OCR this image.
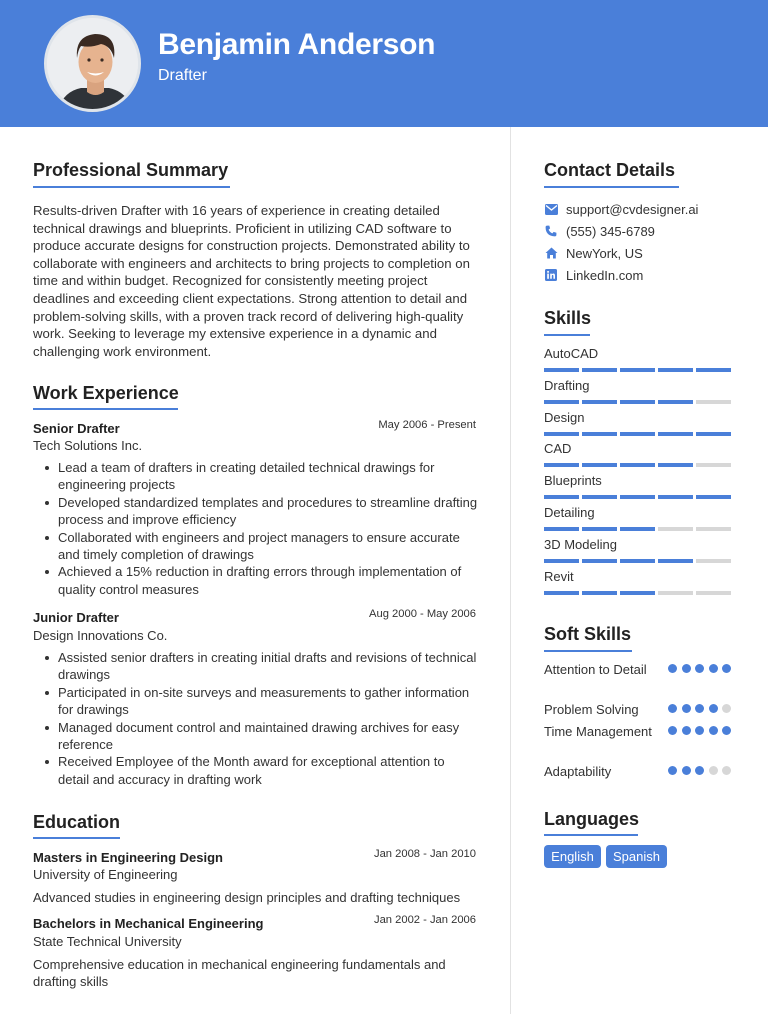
Benjamin Anderson
Drafter
Professional Summary
Results-driven Drafter with 16 years of experience in creating detailed technical drawings and blueprints. Proficient in utilizing CAD software to produce accurate designs for construction projects. Demonstrated ability to collaborate with engineers and architects to bring projects to completion on time and within budget. Recognized for consistently meeting project deadlines and exceeding client expectations. Strong attention to detail and problem-solving skills, with a proven track record of delivering high-quality work. Seeking to leverage my extensive experience in a dynamic and challenging work environment.
Work Experience
Senior Drafter	May 2006 - Present
Tech Solutions Inc.
Lead a team of drafters in creating detailed technical drawings for engineering projects
Developed standardized templates and procedures to streamline drafting process and improve efficiency
Collaborated with engineers and project managers to ensure accurate and timely completion of drawings
Achieved a 15% reduction in drafting errors through implementation of quality control measures
Junior Drafter	Aug 2000 - May 2006
Design Innovations Co.
Assisted senior drafters in creating initial drafts and revisions of technical drawings
Participated in on-site surveys and measurements to gather information for drawings
Managed document control and maintained drawing archives for easy reference
Received Employee of the Month award for exceptional attention to detail and accuracy in drafting work
Education
Masters in Engineering Design	Jan 2008 - Jan 2010
University of Engineering
Advanced studies in engineering design principles and drafting techniques
Bachelors in Mechanical Engineering	Jan 2002 - Jan 2006
State Technical University
Comprehensive education in mechanical engineering fundamentals and drafting skills
Contact Details
support@cvdesigner.ai
(555) 345-6789
NewYork, US
LinkedIn.com
Skills
AutoCAD
Drafting
Design
CAD
Blueprints
Detailing
3D Modeling
Revit
Soft Skills
Attention to Detail
Problem Solving
Time Management
Adaptability
Languages
English	Spanish
